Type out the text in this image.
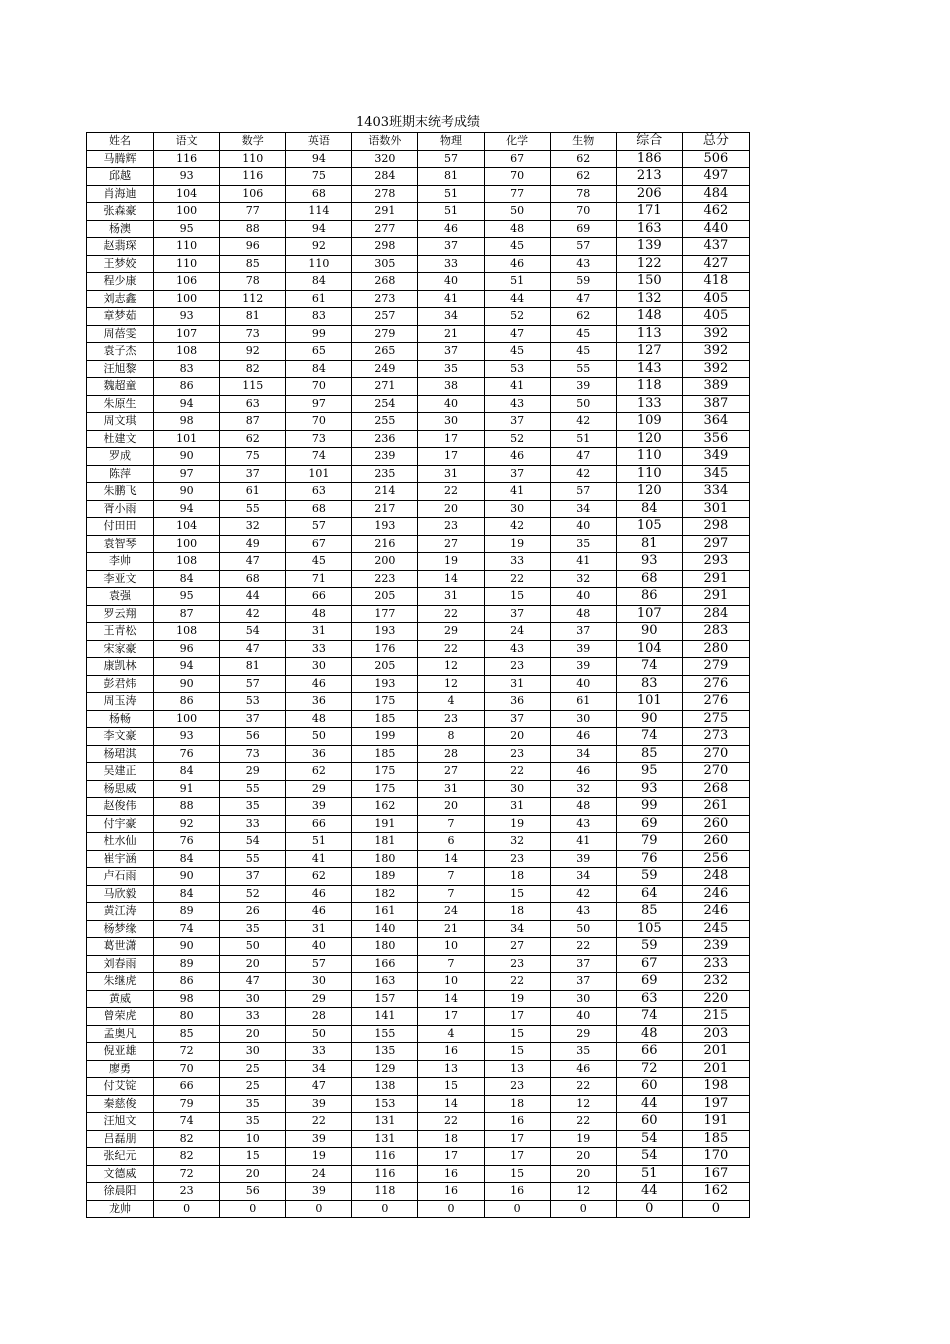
1403班期末统考成绩
姓名	语文	数学	英语	语数外	物理	化学	生物	综合	总分
马腾辉	116	110	94	320	57	67	62	186	506
邱越	93	116	75	284	81	70	62	213	497
肖海迪	104	106	68	278	51	77	78	206	484
张森豪	100	77	114	291	51	50	70	171	462
杨澳	95	88	94	277	46	48	69	163	440
赵翡琛	110	96	92	298	37	45	57	139	437
王梦姣	110	85	110	305	33	46	43	122	427
程少康	106	78	84	268	40	51	59	150	418
刘志鑫	100	112	61	273	41	44	47	132	405
章梦茹	93	81	83	257	34	52	62	148	405
周蓓雯	107	73	99	279	21	47	45	113	392
袁子杰	108	92	65	265	37	45	45	127	392
汪旭黎	83	82	84	249	35	53	55	143	392
魏超童	86	115	70	271	38	41	39	118	389
朱原生	94	63	97	254	40	43	50	133	387
周文琪	98	87	70	255	30	37	42	109	364
杜建文	101	62	73	236	17	52	51	120	356
罗成	90	75	74	239	17	46	47	110	349
陈萍	97	37	101	235	31	37	42	110	345
朱鹏飞	90	61	63	214	22	41	57	120	334
胥小雨	94	55	68	217	20	30	34	84	301
付田田	104	32	57	193	23	42	40	105	298
袁智琴	100	49	67	216	27	19	35	81	297
李帅	108	47	45	200	19	33	41	93	293
李亚文	84	68	71	223	14	22	32	68	291
袁强	95	44	66	205	31	15	40	86	291
罗云翔	87	42	48	177	22	37	48	107	284
王青松	108	54	31	193	29	24	37	90	283
宋家豪	96	47	33	176	22	43	39	104	280
康凯林	94	81	30	205	12	23	39	74	279
彭君炜	90	57	46	193	12	31	40	83	276
周玉涛	86	53	36	175	4	36	61	101	276
杨畅	100	37	48	185	23	37	30	90	275
李文豪	93	56	50	199	8	20	46	74	273
杨珺淇	76	73	36	185	28	23	34	85	270
吴建正	84	29	62	175	27	22	46	95	270
杨思威	91	55	29	175	31	30	32	93	268
赵俊伟	88	35	39	162	20	31	48	99	261
付宇豪	92	33	66	191	7	19	43	69	260
杜水仙	76	54	51	181	6	32	41	79	260
崔宇涵	84	55	41	180	14	23	39	76	256
卢石雨	90	37	62	189	7	18	34	59	248
马欣毅	84	52	46	182	7	15	42	64	246
黄江涛	89	26	46	161	24	18	43	85	246
杨梦缘	74	35	31	140	21	34	50	105	245
葛世潇	90	50	40	180	10	27	22	59	239
刘春雨	89	20	57	166	7	23	37	67	233
朱继虎	86	47	30	163	10	22	37	69	232
黄威	98	30	29	157	14	19	30	63	220
曾荣虎	80	33	28	141	17	17	40	74	215
孟奥凡	85	20	50	155	4	15	29	48	203
倪亚雄	72	30	33	135	16	15	35	66	201
廖勇	70	25	34	129	13	13	46	72	201
付艾锭	66	25	47	138	15	23	22	60	198
秦慈俊	79	35	39	153	14	18	12	44	197
汪旭文	74	35	22	131	22	16	22	60	191
吕磊朋	82	10	39	131	18	17	19	54	185
张纪元	82	15	19	116	17	17	20	54	170
文德威	72	20	24	116	16	15	20	51	167
徐晨阳	23	56	39	118	16	16	12	44	162
龙帅	0	0	0	0	0	0	0	0	0
